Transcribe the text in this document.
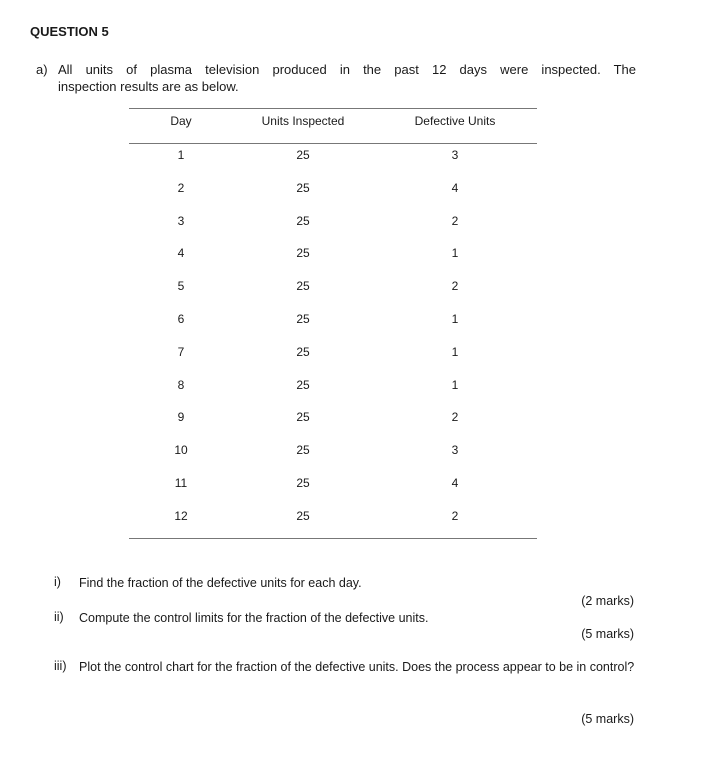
QUESTION 5
a) All units of plasma television produced in the past 12 days were inspected. The
inspection results are as below.
Day	Units Inspected	Defective Units
1	25	3
2	25	4
3	25	2
4	25	1
5	25	2
6	25	1
7	25	1
8	25	1
9	25	2
10	25	3
11	25	4
12	25	2
i) Find the fraction of the defective units for each day.
(2 marks)
ii) Compute the control limits for the fraction of the defective units.
(5 marks)
iii) Plot the control chart for the fraction of the defective units. Does the process appear to be in control?
(5 marks)
